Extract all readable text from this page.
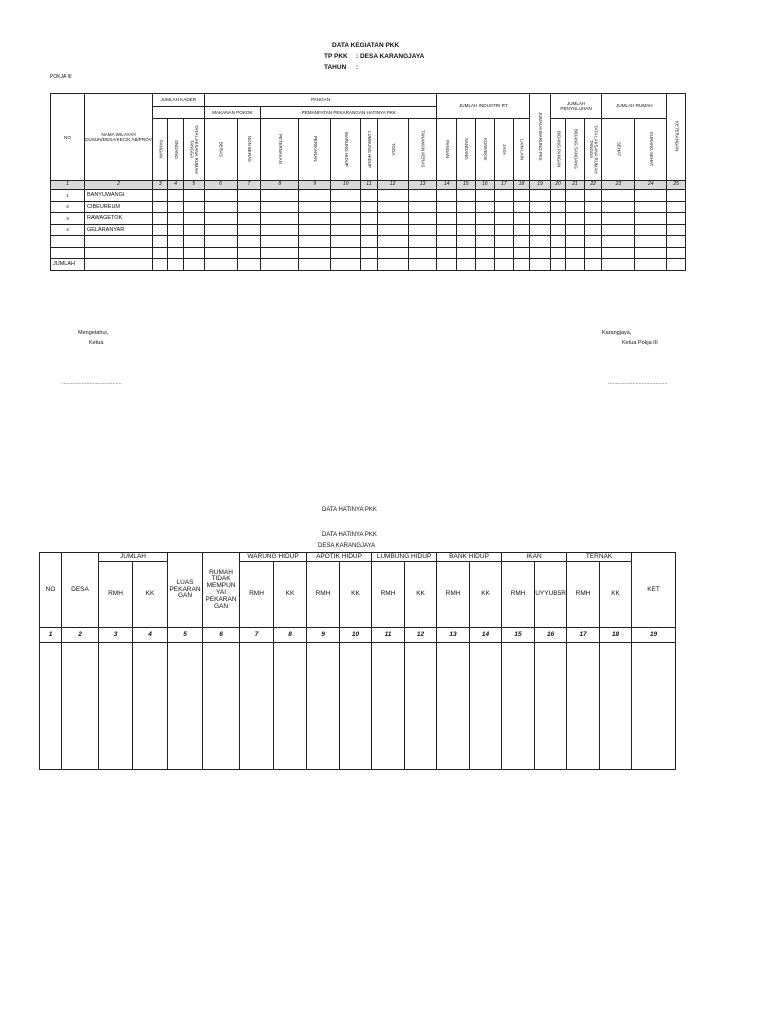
DATA KEGIATAN PKK
TP PKK : DESA KARANGJAYA
TAHUN :
POKJA III
NO	NAMA WILAYAH DUSUN/DESA/KEC/K AB/PROV	JUMLAH KADER			PANGAN								JUMLAH INDUSTRI RT					JUMALH WARUNG PKK	JUMLAH PENYULUHAN			JUMLAH RUMAH		KETERANGAN
					MAKANAN POKOK		PEMANFATAN PEKARANGAN HATINYA PKK																	
		PANGAN	SNDANG	TATA LAKSANA RUMAH TANGGA	BERAS	NON BERAS	PETERNAKAN	PERIKANAN	WARUNG HIDUP	LUMBUNG HIDUP	TOGA	TANAMAN KERAS	PANGAN	SANDANG	KONVEKSI	JASA	LAIN-LAIN		BIDANG PANGAN	BIDANG SANDANG	TATA LAKSANA RUMAH TANGGA	SEHAT	KURANG SEHAT	
1	2	3	4	5	6	7	8	9	10	11	12	13	14	15	16	17	18	19	20	21	22	23	24	25
1	BANYUWANGI																							
2	CIBEUREUM																							
3	RAWAGETOK																							
4	GELARANYAR																							

JUMLAH																								
Mengetahui,
Ketua
Karangjaya,
Ketua Pokja III
.......................................	.......................................
DATA HATINYA PKK
DATA HATINYA PKK
DESA KARANGJAYA
NO	DESA	JUMLAH		LUAS PEKARAN GAN	RUMAH TIDAK MEMPUN YAI PEKARAN GAN	WARUNG HIDUP		APOTIK HIDUP		LUMBUNG HIDUP		BANK HIDUP		IKAN		TERNAK		KET
		RMH	KK			RMH	KK	RMH	KK	RMH	KK	RMH	KK	RMH	UYYUB5R	RMH	KK	
1	2	3	4	5	6	7	8	9	10	11	12	13	14	15	16	17	18	19
